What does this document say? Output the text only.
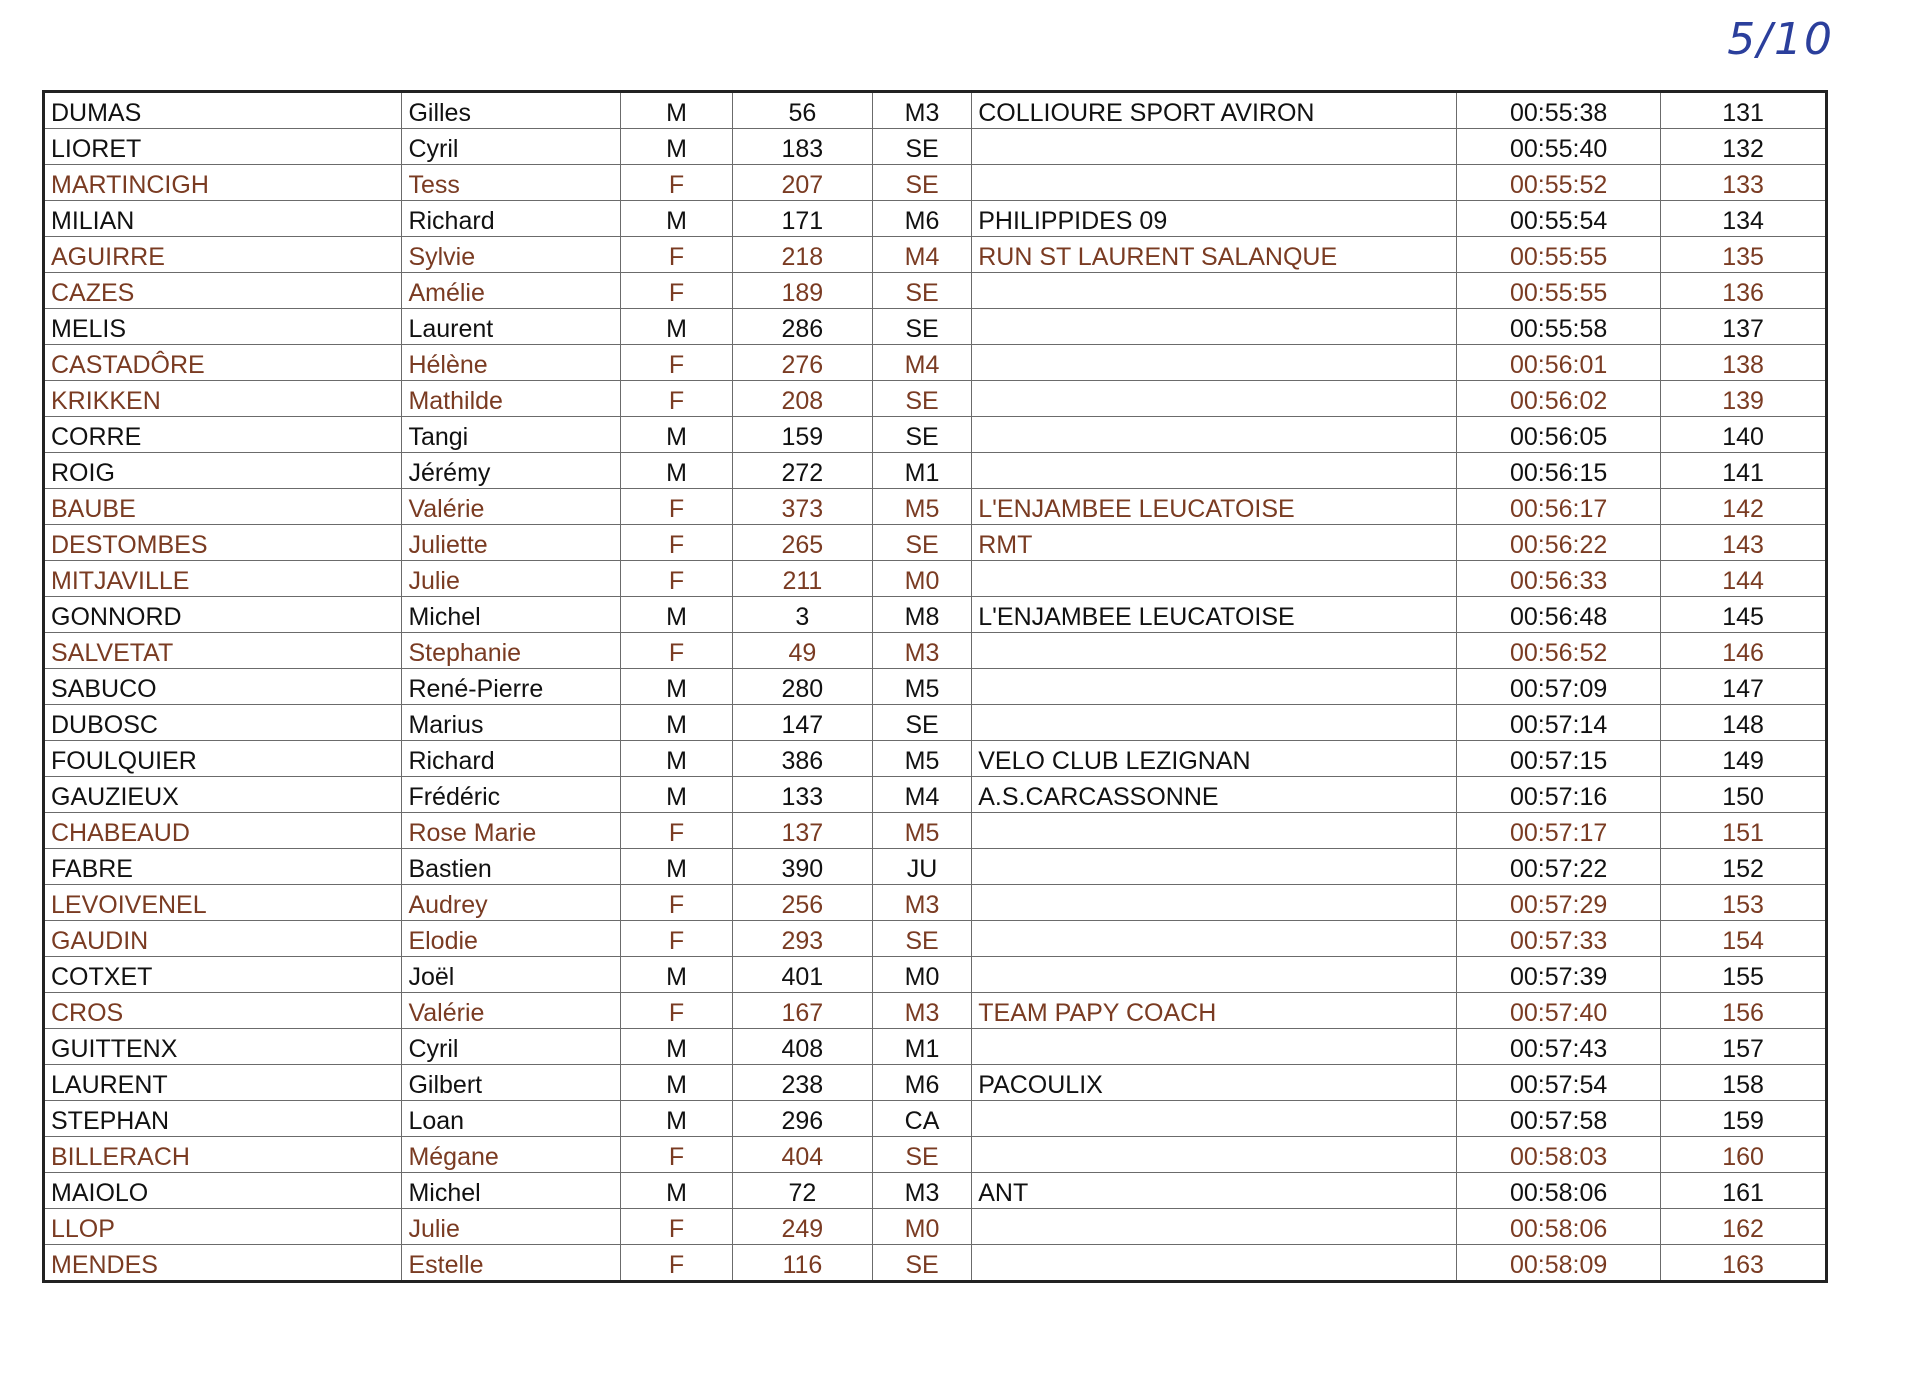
5/10
DUMAS	Gilles	M	56	M3	COLLIOURE SPORT AVIRON	00:55:38	131
LIORET	Cyril	M	183	SE		00:55:40	132
MARTINCIGH	Tess	F	207	SE		00:55:52	133
MILIAN	Richard	M	171	M6	PHILIPPIDES 09	00:55:54	134
AGUIRRE	Sylvie	F	218	M4	RUN ST LAURENT SALANQUE	00:55:55	135
CAZES	Amélie	F	189	SE		00:55:55	136
MELIS	Laurent	M	286	SE		00:55:58	137
CASTADÔRE	Hélène	F	276	M4		00:56:01	138
KRIKKEN	Mathilde	F	208	SE		00:56:02	139
CORRE	Tangi	M	159	SE		00:56:05	140
ROIG	Jérémy	M	272	M1		00:56:15	141
BAUBE	Valérie	F	373	M5	L'ENJAMBEE LEUCATOISE	00:56:17	142
DESTOMBES	Juliette	F	265	SE	RMT	00:56:22	143
MITJAVILLE	Julie	F	211	M0		00:56:33	144
GONNORD	Michel	M	3	M8	L'ENJAMBEE LEUCATOISE	00:56:48	145
SALVETAT	Stephanie	F	49	M3		00:56:52	146
SABUCO	René-Pierre	M	280	M5		00:57:09	147
DUBOSC	Marius	M	147	SE		00:57:14	148
FOULQUIER	Richard	M	386	M5	VELO CLUB LEZIGNAN	00:57:15	149
GAUZIEUX	Frédéric	M	133	M4	A.S.CARCASSONNE	00:57:16	150
CHABEAUD	Rose Marie	F	137	M5		00:57:17	151
FABRE	Bastien	M	390	JU		00:57:22	152
LEVOIVENEL	Audrey	F	256	M3		00:57:29	153
GAUDIN	Elodie	F	293	SE		00:57:33	154
COTXET	Joël	M	401	M0		00:57:39	155
CROS	Valérie	F	167	M3	TEAM PAPY COACH	00:57:40	156
GUITTENX	Cyril	M	408	M1		00:57:43	157
LAURENT	Gilbert	M	238	M6	PACOULIX	00:57:54	158
STEPHAN	Loan	M	296	CA		00:57:58	159
BILLERACH	Mégane	F	404	SE		00:58:03	160
MAIOLO	Michel	M	72	M3	ANT	00:58:06	161
LLOP	Julie	F	249	M0		00:58:06	162
MENDES	Estelle	F	116	SE		00:58:09	163
